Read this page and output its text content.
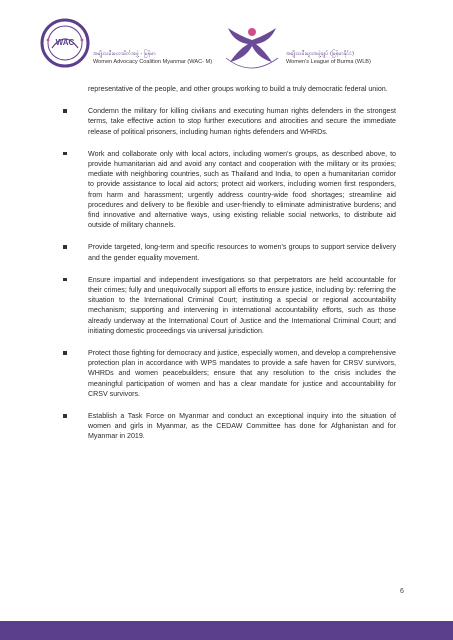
WAC
အမျိုးသမီးမဟာမိတ်အဖွဲ့ - မြန်မာ
Women Advocacy Coalition Myanmar (WAC- M)
အမျိုးသမီးများအဖွဲ့ချုပ် (မြန်မာနိုင်ငံ)
Women's League of Burma (WLB)

representative of the people, and other groups working to build a truly democratic federal union.

Condemn the military for killing civilians and executing human rights defenders in the strongest terms, take effective action to stop further executions and atrocities and secure the immediate release of political prisoners, including human rights defenders and WHRDs.
Work and collaborate only with local actors, including women's groups, as described above, to provide humanitarian aid and avoid any contact and cooperation with the military or its proxies; mediate with neighboring countries, such as Thailand and India, to open a humanitarian corridor to provide assistance to local aid actors; protect aid workers, including women first responders, from harm and harassment; urgently address country-wide food shortages; streamline aid procedures and delivery to be flexible and user-friendly to eliminate administrative burdens; and find innovative and alternative ways, using existing reliable social networks, to distribute aid outside of military channels.
Provide targeted, long-term and specific resources to women's groups to support service delivery and the gender equality movement.
Ensure impartial and independent investigations so that perpetrators are held accountable for their crimes; fully and unequivocally support all efforts to ensure justice, including by: referring the situation to the International Criminal Court; instituting a special or regional accountability mechanism; supporting and intervening in international accountability efforts, such as those already underway at the International Court of Justice and the International Criminal Court; and initiating domestic proceedings via universal jurisdiction.
Protect those fighting for democracy and justice, especially women, and develop a comprehensive protection plan in accordance with WPS mandates to provide a safe haven for CRSV survivors, WHRDs and women peacebuilders; ensure that any resolution to the crisis includes the meaningful participation of women and has a clear mandate for justice and accountability for CRSV survivors.
Establish a Task Force on Myanmar and conduct an exceptional inquiry into the situation of women and girls in Myanmar, as the CEDAW Committee has done for Afghanistan and for Myanmar in 2019.
6
